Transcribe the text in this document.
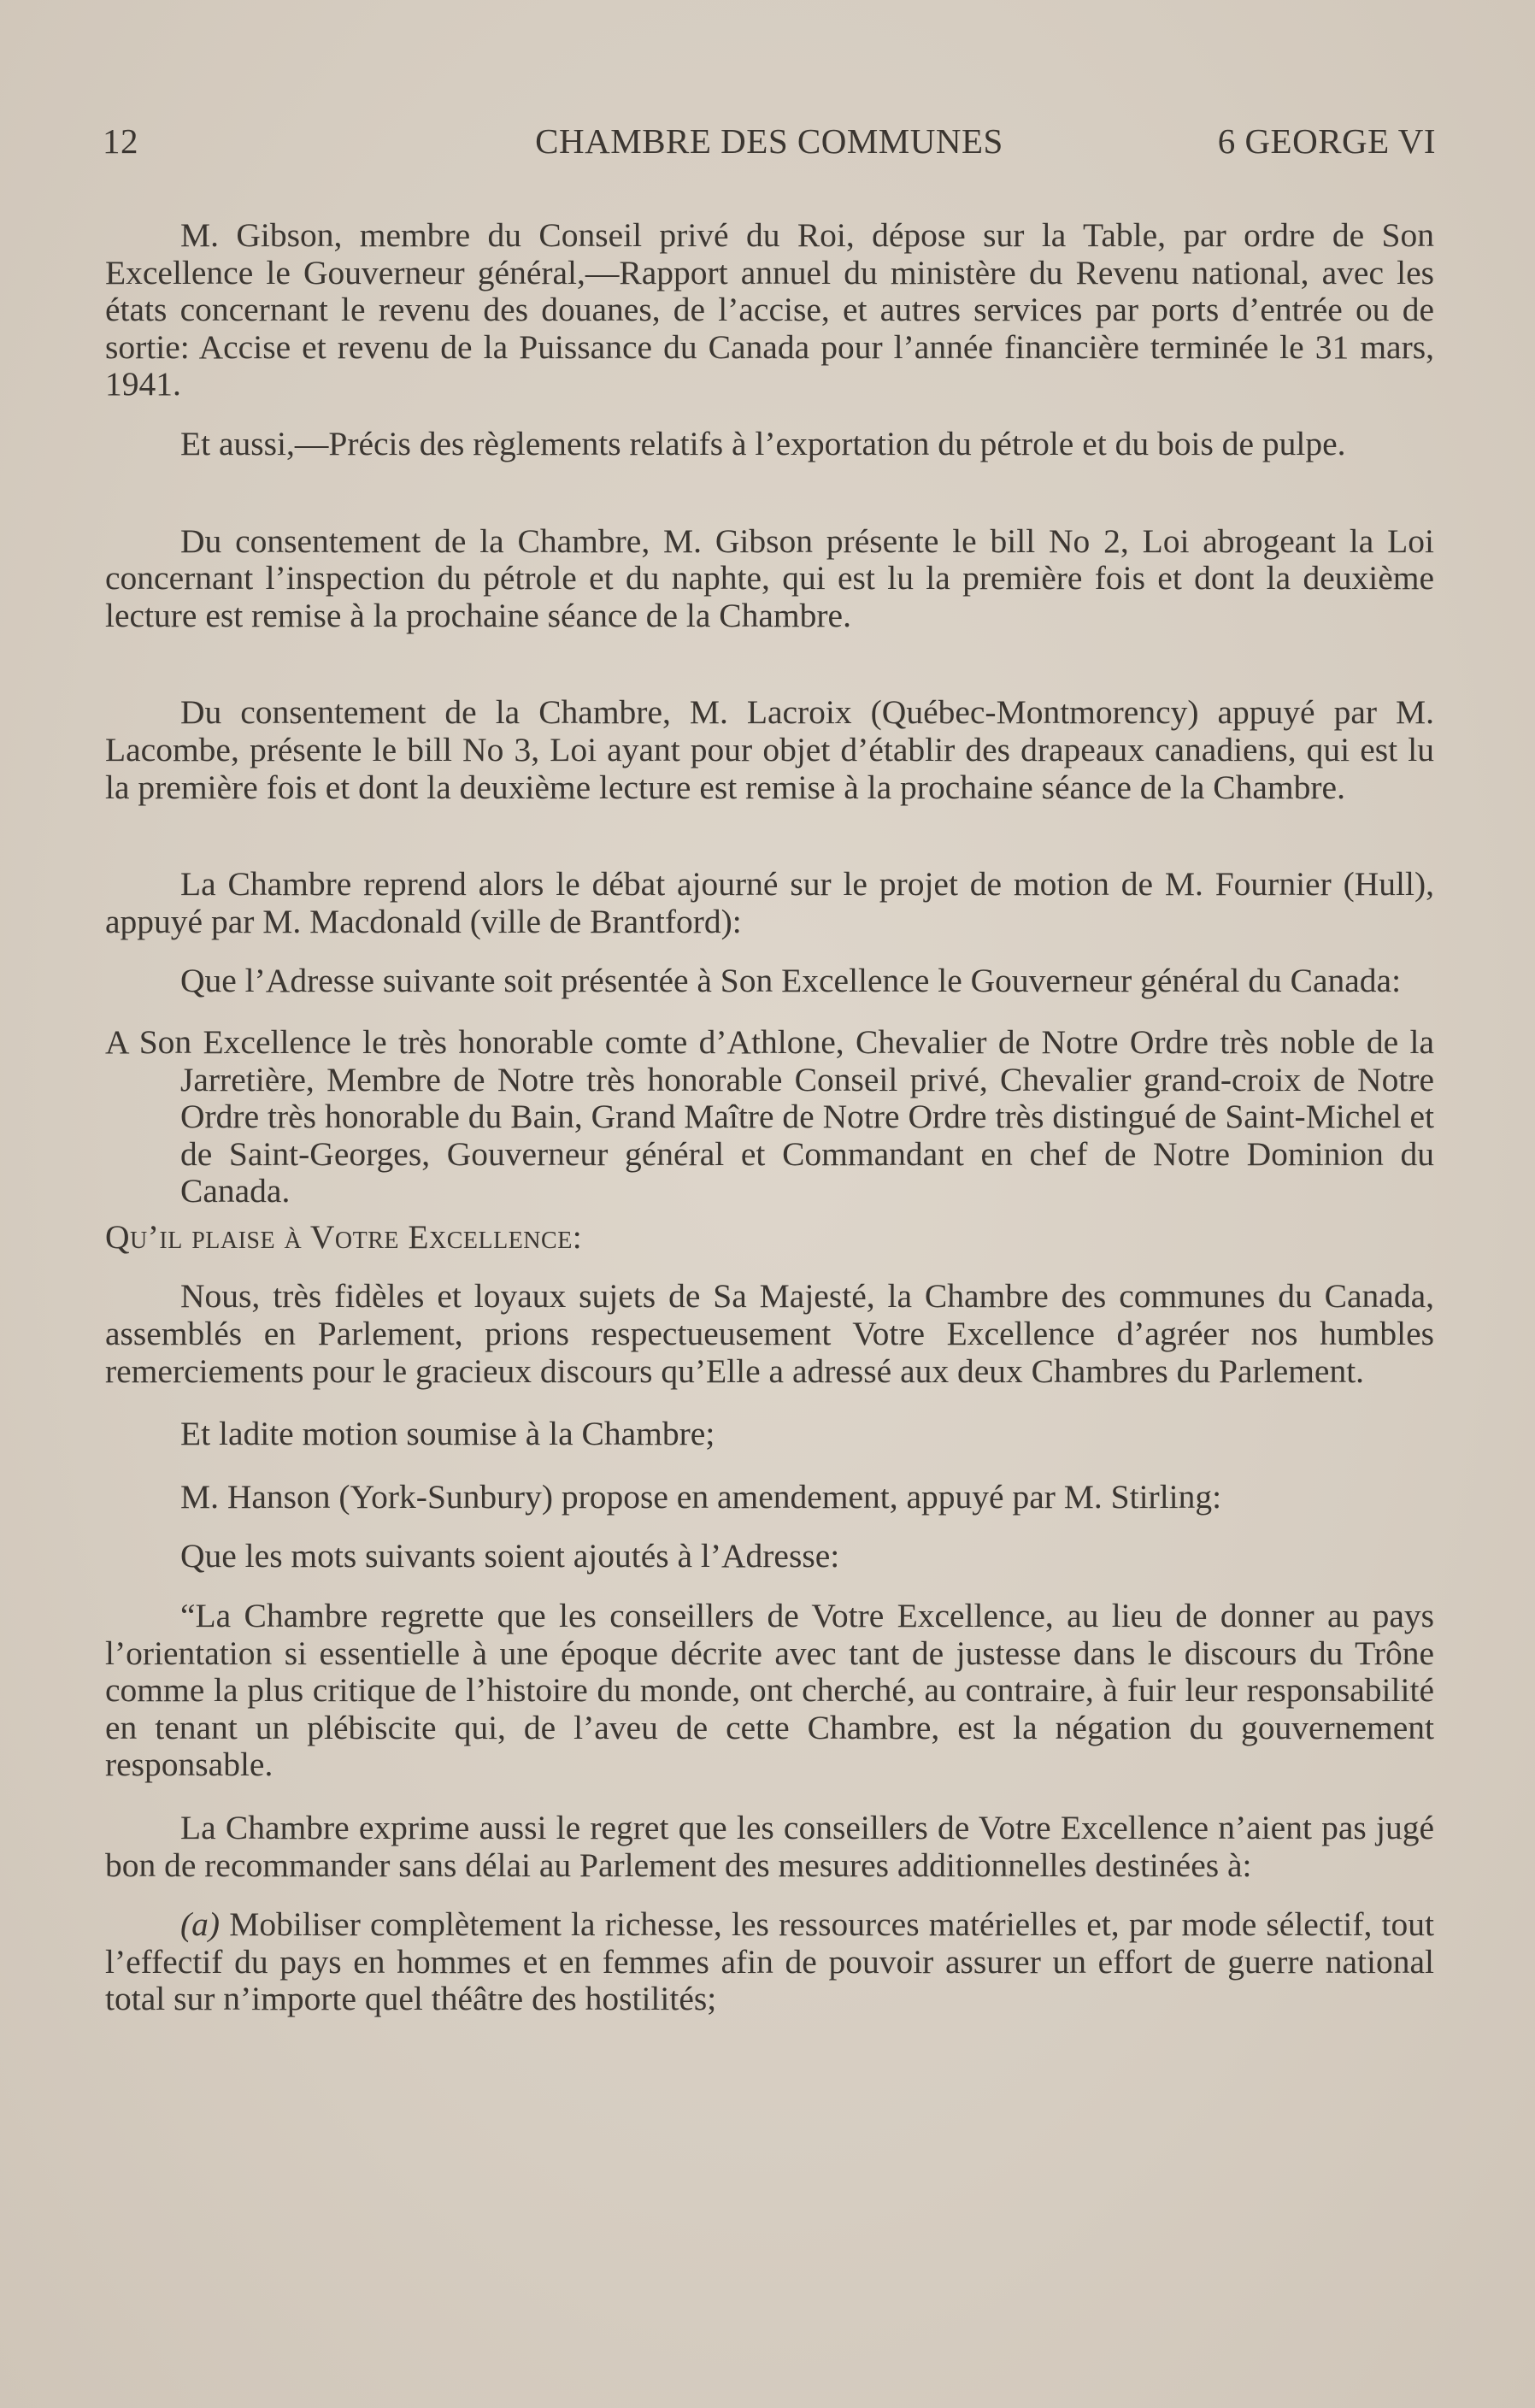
12	CHAMBRE DES COMMUNES	6 GEORGE VI

M. Gibson, membre du Conseil privé du Roi, dépose sur la Table, par ordre de Son Excellence le Gouverneur général,—Rapport annuel du ministère du Revenu national, avec les états concernant le revenu des douanes, de l’accise, et autres services par ports d’entrée ou de sortie: Accise et revenu de la Puissance du Canada pour l’année financière terminée le 31 mars, 1941.

Et aussi,—Précis des règlements relatifs à l’exportation du pétrole et du bois de pulpe.

Du consentement de la Chambre, M. Gibson présente le bill No 2, Loi abrogeant la Loi concernant l’inspection du pétrole et du naphte, qui est lu la première fois et dont la deuxième lecture est remise à la prochaine séance de la Chambre.

Du consentement de la Chambre, M. Lacroix (Québec-Montmorency) appuyé par M. Lacombe, présente le bill No 3, Loi ayant pour objet d’établir des drapeaux canadiens, qui est lu la première fois et dont la deuxième lecture est remise à la prochaine séance de la Chambre.

La Chambre reprend alors le débat ajourné sur le projet de motion de M. Fournier (Hull), appuyé par M. Macdonald (ville de Brantford):

Que l’Adresse suivante soit présentée à Son Excellence le Gouverneur général du Canada:

A Son Excellence le très honorable comte d’Athlone, Chevalier de Notre Ordre très noble de la Jarretière, Membre de Notre très honorable Conseil privé, Chevalier grand-croix de Notre Ordre très honorable du Bain, Grand Maître de Notre Ordre très distingué de Saint-Michel et de Saint-Georges, Gouverneur général et Commandant en chef de Notre Dominion du Canada.

Qu’il plaise à Votre Excellence:

Nous, très fidèles et loyaux sujets de Sa Majesté, la Chambre des communes du Canada, assemblés en Parlement, prions respectueusement Votre Excellence d’agréer nos humbles remerciements pour le gracieux discours qu’Elle a adressé aux deux Chambres du Parlement.

Et ladite motion soumise à la Chambre;

M. Hanson (York-Sunbury) propose en amendement, appuyé par M. Stirling:

Que les mots suivants soient ajoutés à l’Adresse:

“La Chambre regrette que les conseillers de Votre Excellence, au lieu de donner au pays l’orientation si essentielle à une époque décrite avec tant de justesse dans le discours du Trône comme la plus critique de l’histoire du monde, ont cherché, au contraire, à fuir leur responsabilité en tenant un plébiscite qui, de l’aveu de cette Chambre, est la négation du gouvernement responsable.

La Chambre exprime aussi le regret que les conseillers de Votre Excellence n’aient pas jugé bon de recommander sans délai au Parlement des mesures additionnelles destinées à:

(a) Mobiliser complètement la richesse, les ressources matérielles et, par mode sélectif, tout l’effectif du pays en hommes et en femmes afin de pouvoir assurer un effort de guerre national total sur n’importe quel théâtre des hostilités;
